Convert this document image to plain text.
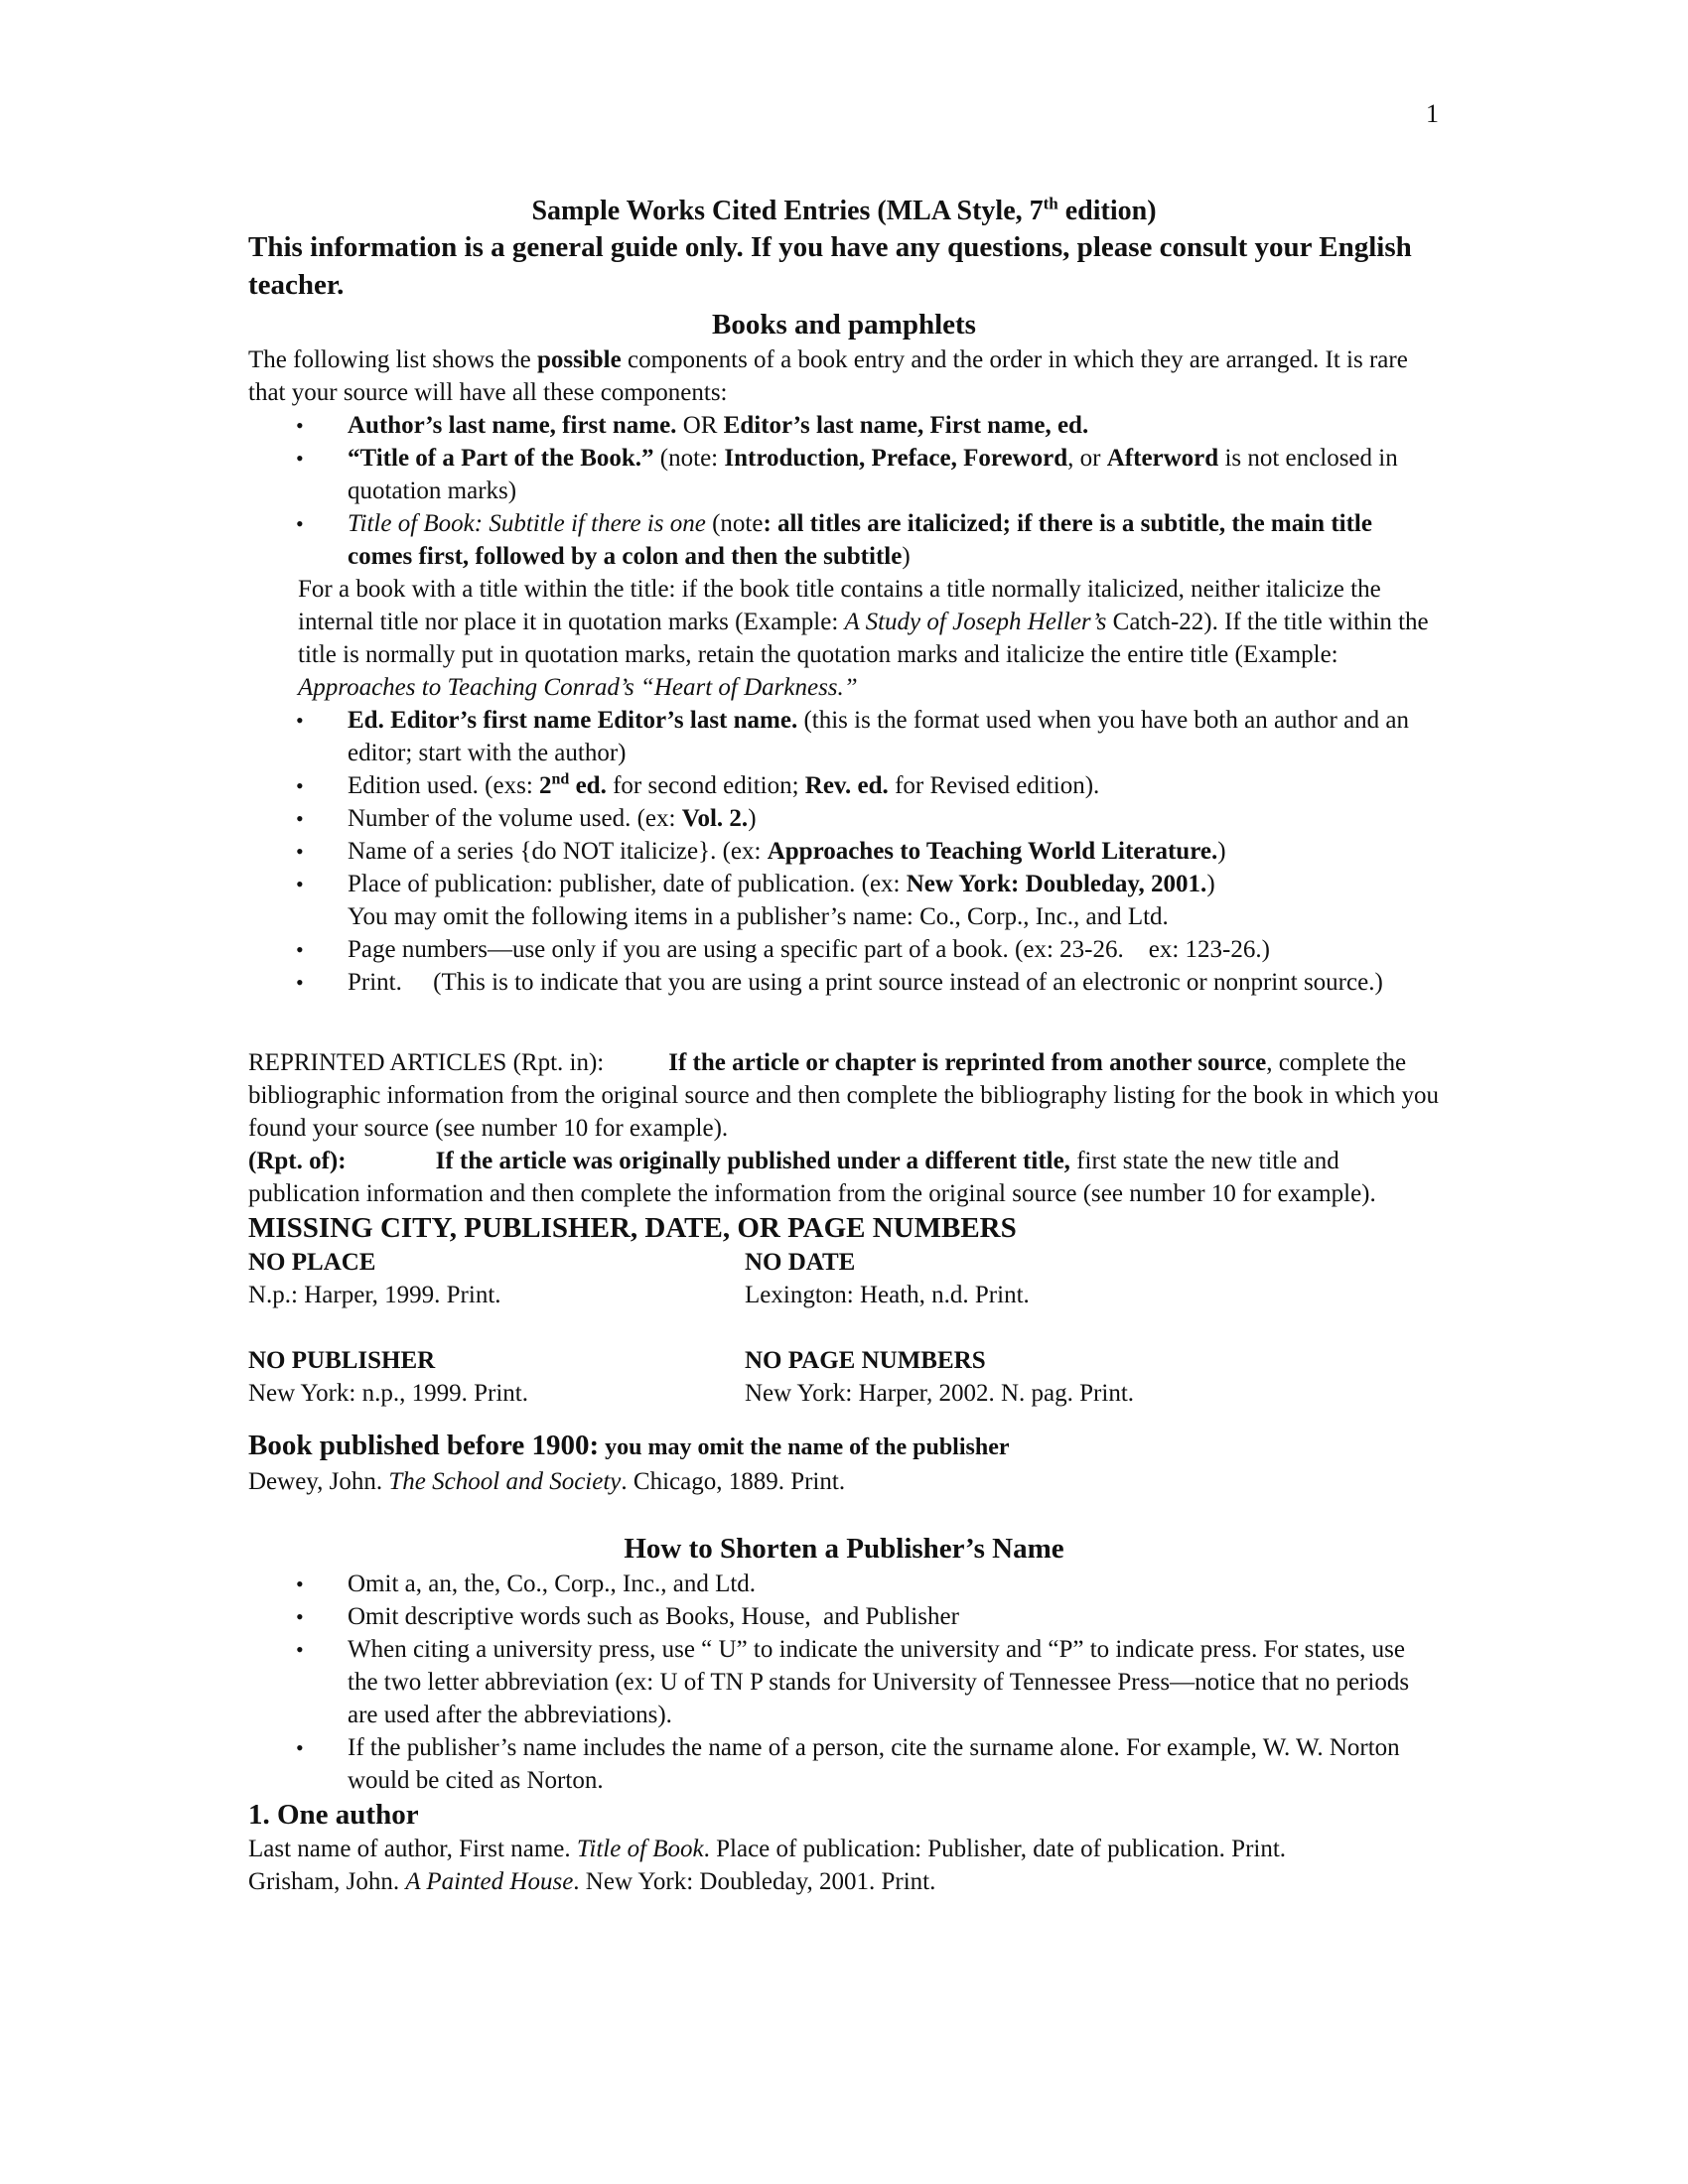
1
Sample Works Cited Entries (MLA Style, 7th edition)

This information is a general guide only. If you have any questions, please consult your English teacher.

Books and pamphlets

The following list shows the possible components of a book entry and the order in which they are arranged. It is rare that your source will have all these components:

• Author’s last name, first name. OR Editor’s last name, First name, ed.
• “Title of a Part of the Book.” (note: Introduction, Preface, Foreword, or Afterword is not enclosed in quotation marks)
• Title of Book: Subtitle if there is one (note: all titles are italicized; if there is a subtitle, the main title comes first, followed by a colon and then the subtitle)

For a book with a title within the title: if the book title contains a title normally italicized, neither italicize the internal title nor place it in quotation marks (Example: A Study of Joseph Heller’s Catch-22). If the title within the title is normally put in quotation marks, retain the quotation marks and italicize the entire title (Example: Approaches to Teaching Conrad’s “Heart of Darkness.”

• Ed. Editor’s first name Editor’s last name. (this is the format used when you have both an author and an editor; start with the author)
• Edition used. (exs: 2nd ed. for second edition; Rev. ed. for Revised edition).
• Number of the volume used. (ex: Vol. 2.)
• Name of a series {do NOT italicize}. (ex: Approaches to Teaching World Literature.)
• Place of publication: publisher, date of publication. (ex: New York: Doubleday, 2001.)
You may omit the following items in a publisher’s name: Co., Corp., Inc., and Ltd.
• Page numbers—use only if you are using a specific part of a book. (ex: 23-26.    ex: 123-26.)
• Print.     (This is to indicate that you are using a print source instead of an electronic or nonprint source.)

REPRINTED ARTICLES (Rpt. in):	If the article or chapter is reprinted from another source, complete the bibliographic information from the original source and then complete the bibliography listing for the book in which you found your source (see number 10 for example).

(Rpt. of):	If the article was originally published under a different title, first state the new title and publication information and then complete the information from the original source (see number 10 for example).

MISSING CITY, PUBLISHER, DATE, OR PAGE NUMBERS
NO PLACE
N.p.: Harper, 1999. Print.
NO DATE
Lexington: Heath, n.d. Print.
NO PUBLISHER
New York: n.p., 1999. Print.
NO PAGE NUMBERS
New York: Harper, 2002. N. pag. Print.
Book published before 1900: you may omit the name of the publisher

Dewey, John. The School and Society. Chicago, 1889. Print.

How to Shorten a Publisher’s Name
• Omit a, an, the, Co., Corp., Inc., and Ltd.
• Omit descriptive words such as Books, House,  and Publisher
• When citing a university press, use “ U” to indicate the university and “P” to indicate press. For states, use the two letter abbreviation (ex: U of TN P stands for University of Tennessee Press—notice that no periods are used after the abbreviations).
• If the publisher’s name includes the name of a person, cite the surname alone. For example, W. W. Norton would be cited as Norton.
1. One author

Last name of author, First name. Title of Book. Place of publication: Publisher, date of publication. Print.

Grisham, John. A Painted House. New York: Doubleday, 2001. Print.
